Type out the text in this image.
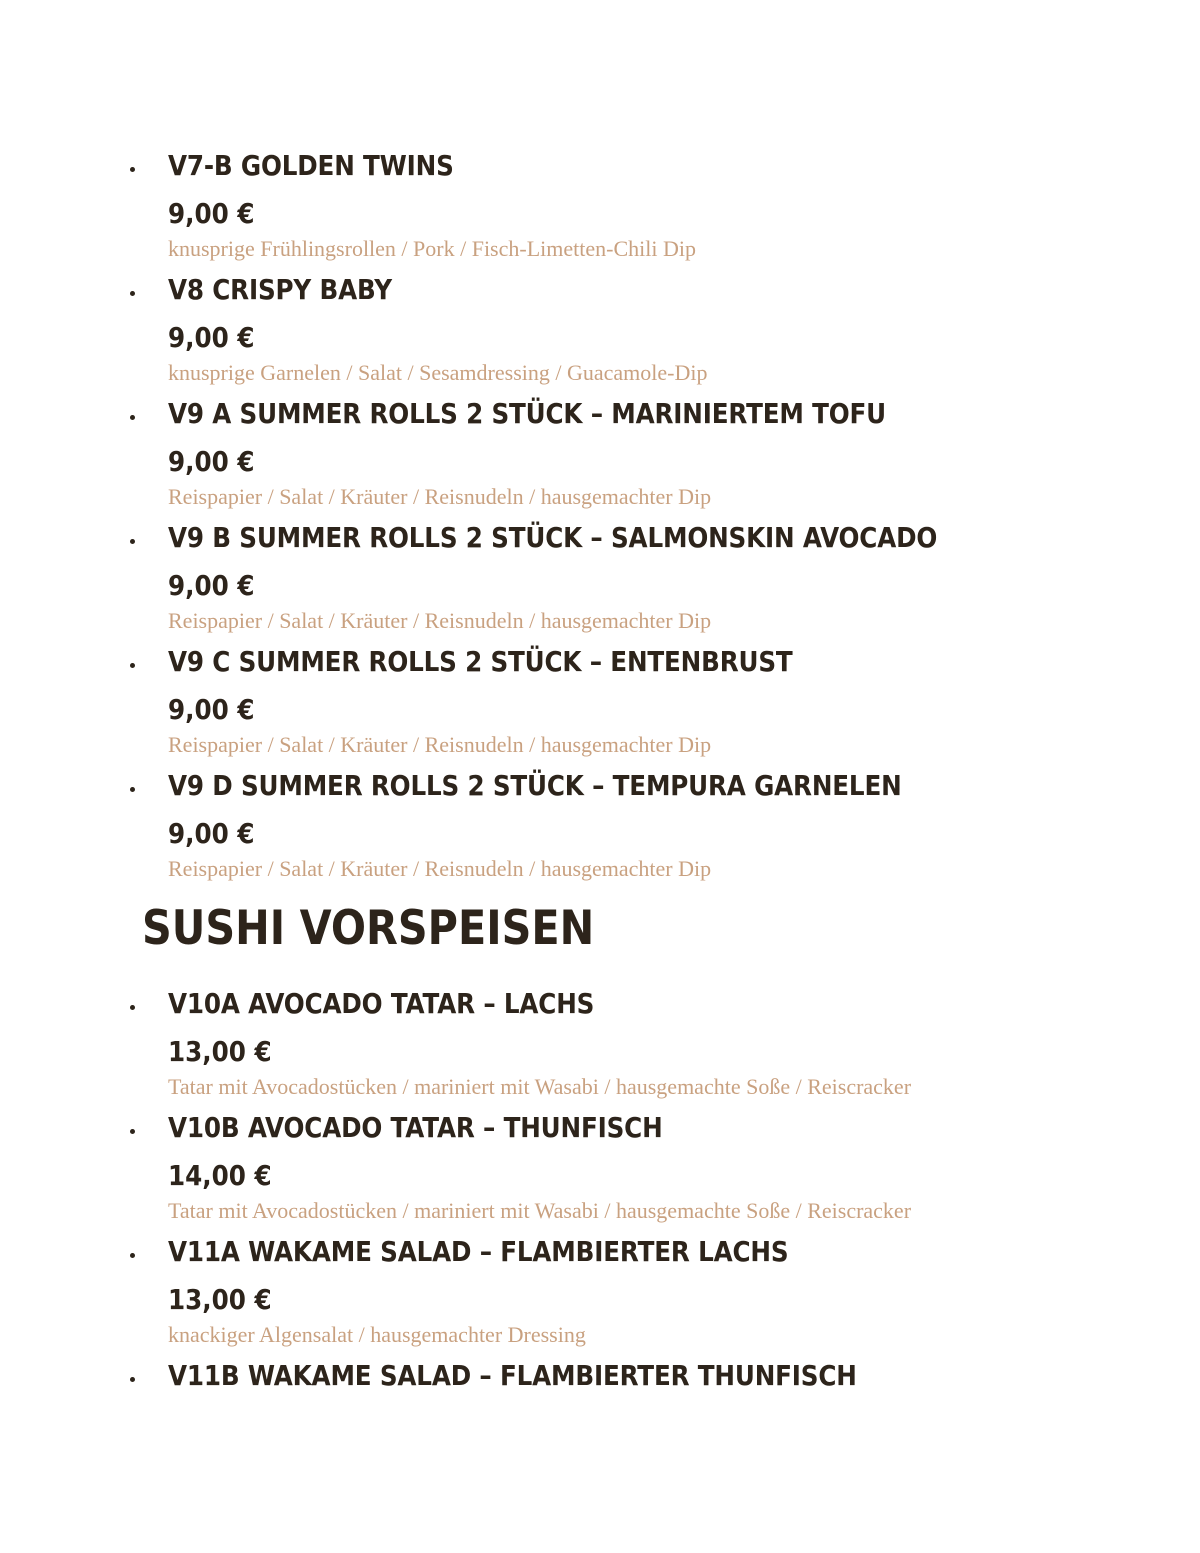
V7-B GOLDEN TWINS
9,00 €
knusprige Frühlingsrollen / Pork / Fisch-Limetten-Chili Dip
V8 CRISPY BABY
9,00 €
knusprige Garnelen / Salat / Sesamdressing / Guacamole-Dip
V9 A SUMMER ROLLS 2 STÜCK – MARINIERTEM TOFU
9,00 €
Reispapier / Salat / Kräuter / Reisnudeln / hausgemachter Dip
V9 B SUMMER ROLLS 2 STÜCK – SALMONSKIN AVOCADO
9,00 €
Reispapier / Salat / Kräuter / Reisnudeln / hausgemachter Dip
V9 C SUMMER ROLLS 2 STÜCK – ENTENBRUST
9,00 €
Reispapier / Salat / Kräuter / Reisnudeln / hausgemachter Dip
V9 D SUMMER ROLLS 2 STÜCK – TEMPURA GARNELEN
9,00 €
Reispapier / Salat / Kräuter / Reisnudeln / hausgemachter Dip
SUSHI VORSPEISEN
V10A AVOCADO TATAR – LACHS
13,00 €
Tatar mit Avocadostücken / mariniert mit Wasabi / hausgemachte Soße / Reiscracker
V10B AVOCADO TATAR – THUNFISCH
14,00 €
Tatar mit Avocadostücken / mariniert mit Wasabi / hausgemachte Soße / Reiscracker
V11A WAKAME SALAD – FLAMBIERTER LACHS
13,00 €
knackiger Algensalat / hausgemachter Dressing
V11B WAKAME SALAD – FLAMBIERTER THUNFISCH
